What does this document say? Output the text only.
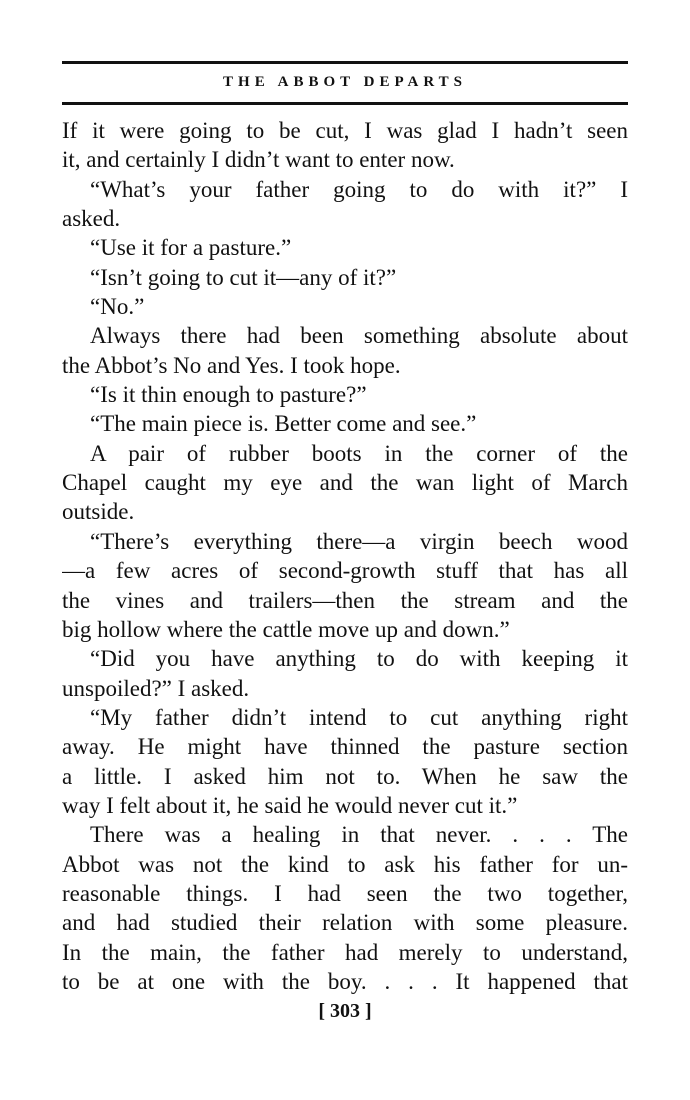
THE ABBOT DEPARTS
If it were going to be cut, I was glad I hadn’t seen
it, and certainly I didn’t want to enter now.
“What’s your father going to do with it?” I
asked.
“Use it for a pasture.”
“Isn’t going to cut it—any of it?”
“No.”
Always there had been something absolute about
the Abbot’s No and Yes. I took hope.
“Is it thin enough to pasture?”
“The main piece is. Better come and see.”
A pair of rubber boots in the corner of the
Chapel caught my eye and the wan light of March
outside.
“There’s everything there—a virgin beech wood
—a few acres of second-growth stuff that has all
the vines and trailers—then the stream and the
big hollow where the cattle move up and down.”
“Did you have anything to do with keeping it
unspoiled?” I asked.
“My father didn’t intend to cut anything right
away. He might have thinned the pasture section
a little. I asked him not to. When he saw the
way I felt about it, he said he would never cut it.”
There was a healing in that never. . . . The
Abbot was not the kind to ask his father for un-
reasonable things. I had seen the two together,
and had studied their relation with some pleasure.
In the main, the father had merely to understand,
to be at one with the boy. . . . It happened that
[ 303 ]
